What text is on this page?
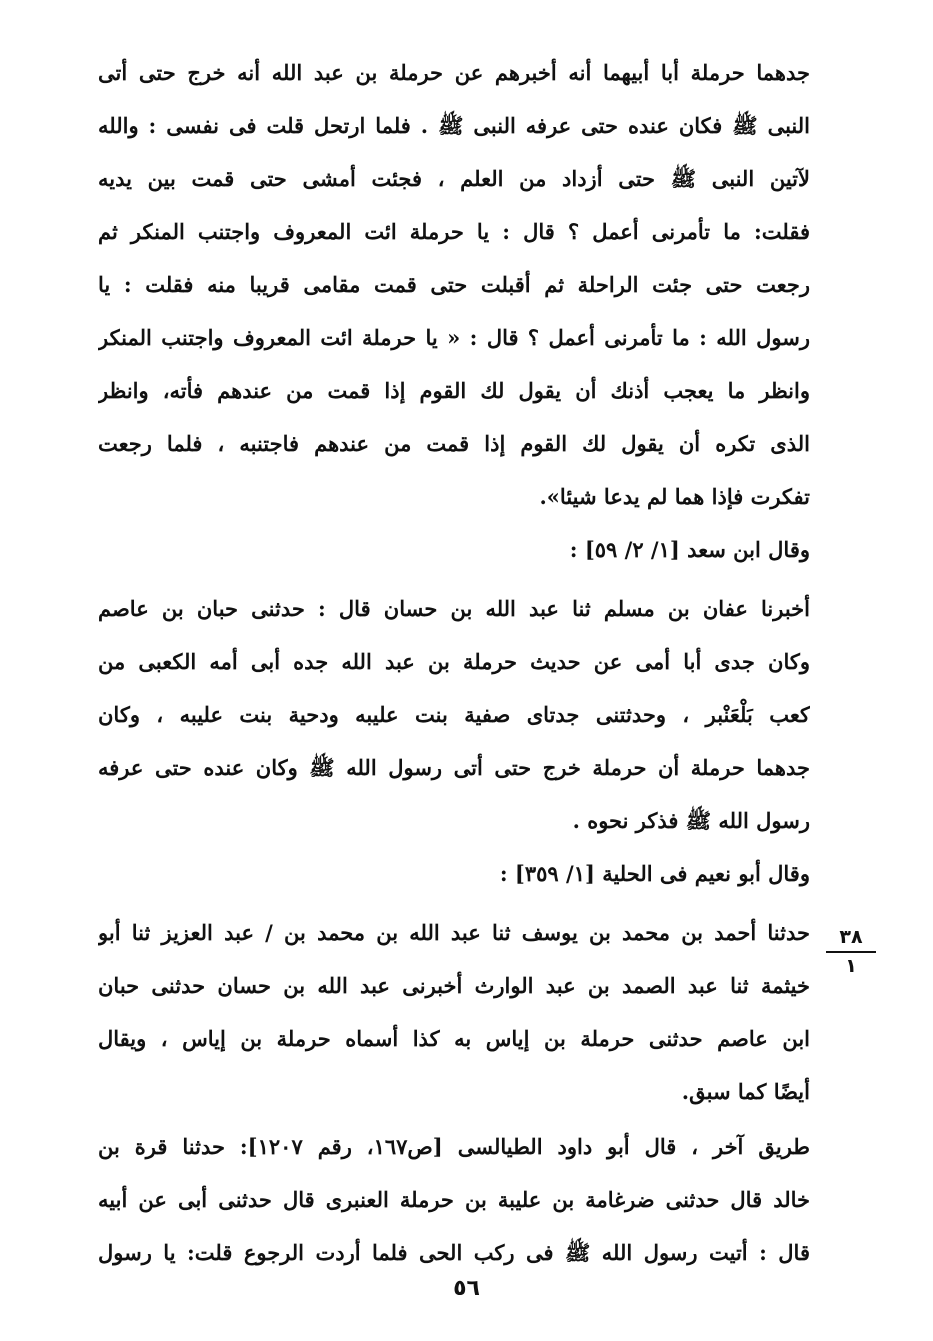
جدهما حرملة أبا أبيهما أنه أخبرهم عن حرملة بن عبد الله أنه خرج حتى أتى
النبى ﷺ فكان عنده حتى عرفه النبى ﷺ . فلما ارتحل قلت فى نفسى : والله
لآتين النبى ﷺ حتى أزداد من العلم ، فجئت أمشى حتى قمت بين يديه
فقلت: ما تأمرنى أعمل ؟ قال : يا حرملة ائت المعروف واجتنب المنكر ثم
رجعت حتى جئت الراحلة ثم أقبلت حتى قمت مقامى قريبا منه فقلت : يا
رسول الله : ما تأمرنى أعمل ؟ قال : « يا حرملة ائت المعروف واجتنب المنكر
وانظر ما يعجب أذنك أن يقول لك القوم إذا قمت من عندهم فأته، وانظر
الذى تكره أن يقول لك القوم إذا قمت من عندهم فاجتنبه ، فلما رجعت
تفكرت فإذا هما لم يدعا شيئا».
وقال ابن سعد [١/ ٢/ ٥٩] :
أخبرنا عفان بن مسلم ثنا عبد الله بن حسان قال : حدثنى حبان بن عاصم
وكان جدى أبا أمى عن حديث حرملة بن عبد الله جده أبى أمه الكعبى من
كعب بَلْعَنْبر ، وحدثتنى جدتاى صفية بنت عليبه ودحية بنت عليبه ، وكان
جدهما حرملة أن حرملة خرج حتى أتى رسول الله ﷺ وكان عنده حتى عرفه
رسول الله ﷺ فذكر نحوه .
وقال أبو نعيم فى الحلية [١/ ٣٥٩] :
حدثنا أحمد بن محمد بن يوسف ثنا عبد الله بن محمد بن / عبد العزيز ثنا أبو
خيثمة ثنا عبد الصمد بن عبد الوارث أخبرنى عبد الله بن حسان حدثنى حبان
ابن عاصم حدثنى حرملة بن إياس به كذا أسماه حرملة بن إياس ، ويقال
أيضًا كما سبق.
طريق آخر ، قال أبو داود الطيالسى [ص١٦٧، رقم ١٢٠٧]: حدثنا قرة بن
خالد قال حدثنى ضرغامة بن عليبة بن حرملة العنبرى قال حدثنى أبى عن أبيه
قال : أتيت رسول الله ﷺ فى ركب الحى فلما أردت الرجوع قلت: يا رسول
٣٨
١
٥٦
